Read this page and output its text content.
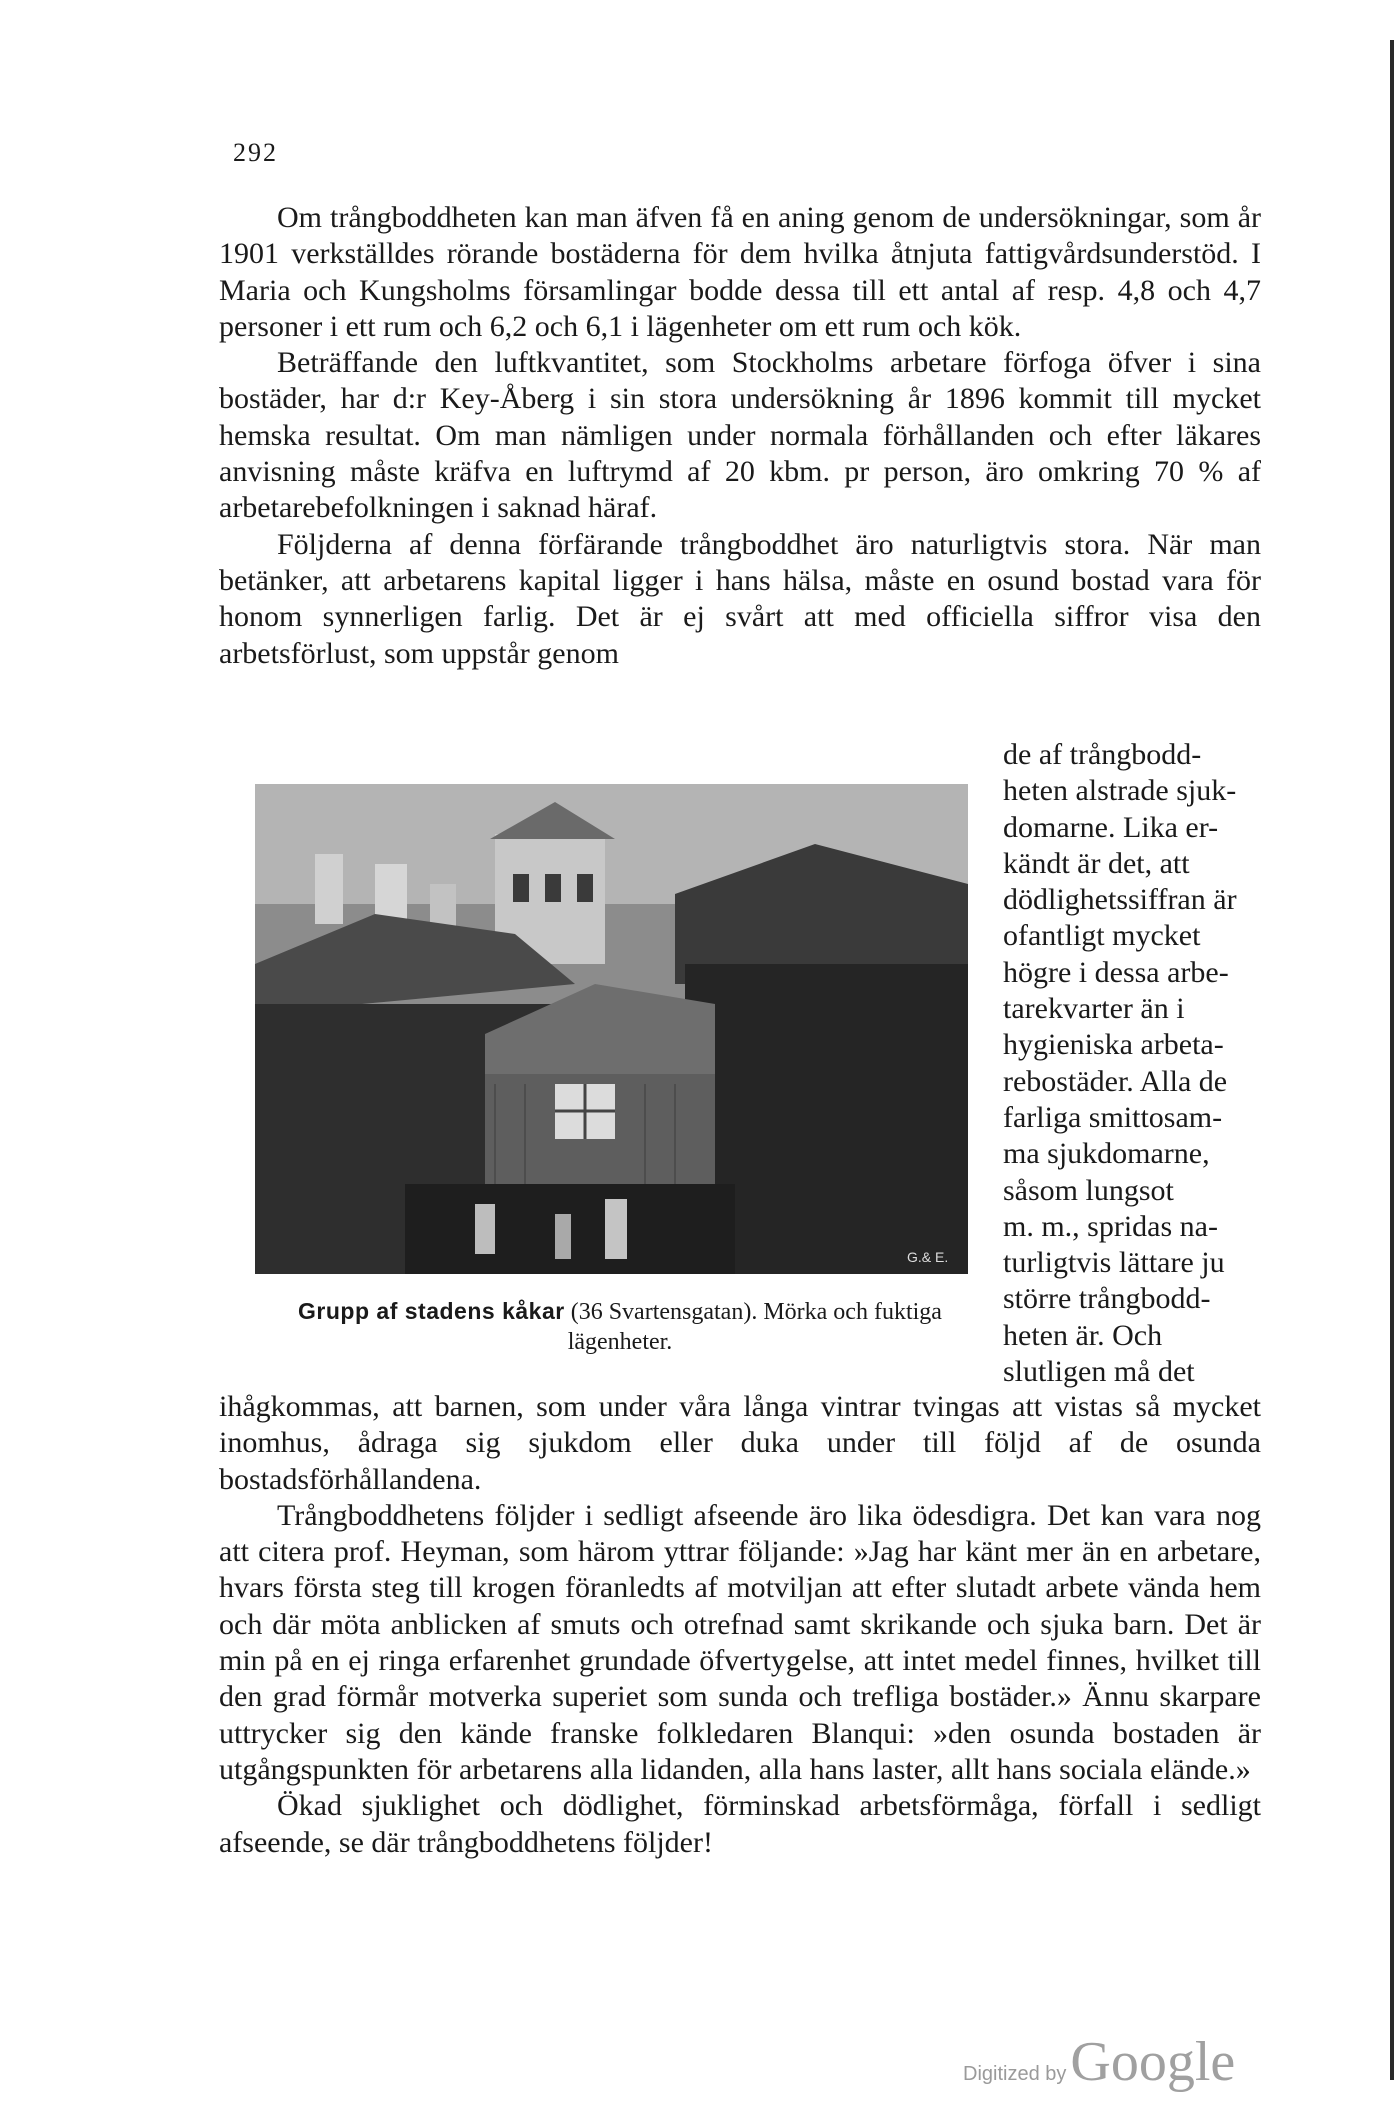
292

Om trångboddheten kan man äfven få en aning genom de undersökningar, som år 1901 verkställdes rörande bostäderna för dem hvilka åtnjuta fattigvårdsunderstöd. I Maria och Kungsholms församlingar bodde dessa till ett antal af resp. 4,8 och 4,7 personer i ett rum och 6,2 och 6,1 i lägenheter om ett rum och kök.

Beträffande den luftkvantitet, som Stockholms arbetare förfoga öfver i sina bostäder, har d:r Key-Åberg i sin stora undersökning år 1896 kommit till mycket hemska resultat. Om man nämligen under normala förhållanden och efter läkares anvisning måste kräfva en luftrymd af 20 kbm. pr person, äro omkring 70 % af arbetarebefolkningen i saknad häraf.

Följderna af denna förfärande trångboddhet äro naturligtvis stora. När man betänker, att arbetarens kapital ligger i hans hälsa, måste en osund bostad vara för honom synnerligen farlig. Det är ej svårt att med officiella siffror visa den arbetsförlust, som uppstår genom

G.& E.
Grupp af stadens kåkar (36 Svartensgatan). Mörka och fuktiga lägenheter.

de af trångbodd-

heten alstrade sjuk-

domarne. Lika er-

kändt är det, att

dödlighetssiffran är

ofantligt mycket

högre i dessa arbe-

tarekvarter än i

hygieniska arbeta-

rebostäder. Alla de

farliga smittosam-

ma sjukdomarne,

såsom lungsot

m. m., spridas na-

turligtvis lättare ju

större trångbodd-

heten är. Och

slutligen må det

ihågkommas, att barnen, som under våra långa vintrar tvingas att vistas så mycket inomhus, ådraga sig sjukdom eller duka under till följd af de osunda bostadsförhållandena.

Trångboddhetens följder i sedligt afseende äro lika ödesdigra. Det kan vara nog att citera prof. Heyman, som härom yttrar följande: »Jag har känt mer än en arbetare, hvars första steg till krogen föranledts af motviljan att efter slutadt arbete vända hem och där möta anblicken af smuts och otrefnad samt skrikande och sjuka barn. Det är min på en ej ringa erfarenhet grundade öfvertygelse, att intet medel finnes, hvilket till den grad förmår motverka superiet som sunda och trefliga bostäder.» Ännu skarpare uttrycker sig den kände franske folkledaren Blanqui: »den osunda bostaden är utgångspunkten för arbetarens alla lidanden, alla hans laster, allt hans sociala elände.»

Ökad sjuklighet och dödlighet, förminskad arbetsförmåga, förfall i sedligt afseende, se där trångboddhetens följder!

Digitized by Google
